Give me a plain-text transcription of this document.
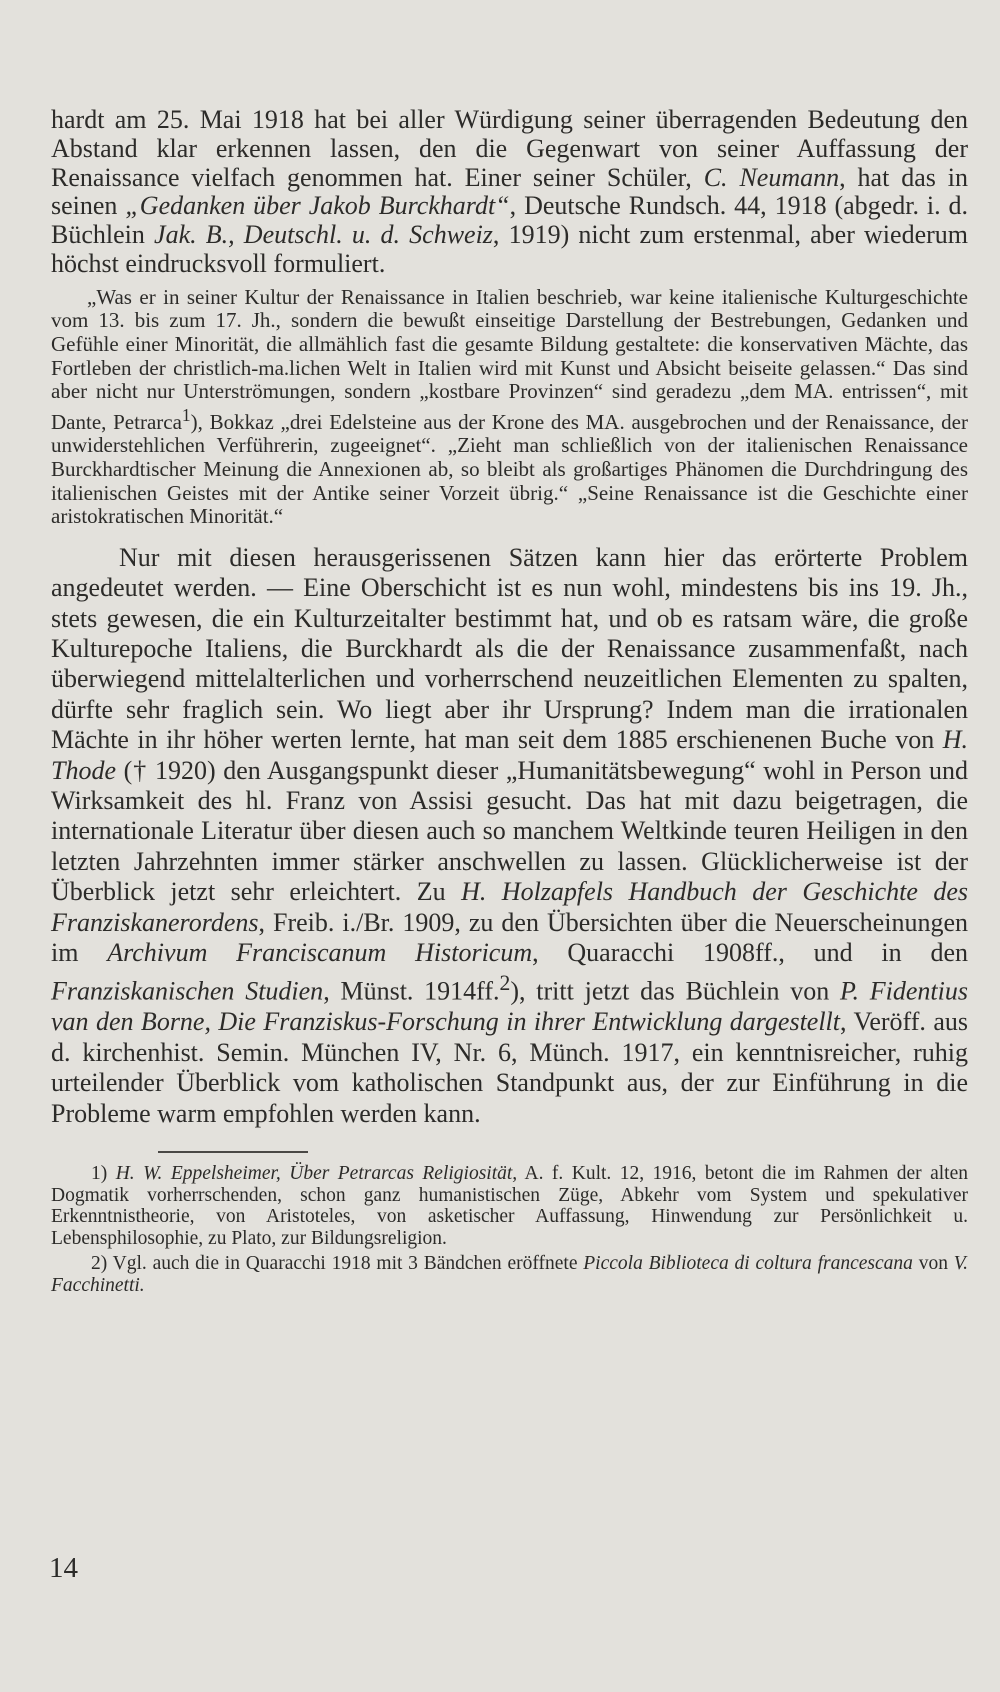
hardt am 25. Mai 1918 hat bei aller Würdigung seiner überragenden Bedeutung den Abstand klar erkennen lassen, den die Gegenwart von seiner Auffassung der Renaissance vielfach genommen hat. Einer seiner Schüler, C. Neumann, hat das in seinen „Gedanken über Jakob Burckhardt“, Deutsche Rundsch. 44, 1918 (abgedr. i. d. Büchlein Jak. B., Deutschl. u. d. Schweiz, 1919) nicht zum erstenmal, aber wiederum höchst eindrucksvoll formuliert.

„Was er in seiner Kultur der Renaissance in Italien beschrieb, war keine italienische Kulturgeschichte vom 13. bis zum 17. Jh., sondern die bewußt einseitige Darstellung der Bestrebungen, Gedanken und Gefühle einer Minorität, die allmählich fast die gesamte Bildung gestaltete: die konservativen Mächte, das Fortleben der christlich-ma.lichen Welt in Italien wird mit Kunst und Absicht beiseite gelassen.“ Das sind aber nicht nur Unterströmungen, sondern „kostbare Provinzen“ sind geradezu „dem MA. entrissen“, mit Dante, Petrarca$^1$), Bokkaz „drei Edelsteine aus der Krone des MA. ausgebrochen und der Renaissance, der unwiderstehlichen Verführerin, zugeeignet“. „Zieht man schließlich von der italienischen Renaissance Burckhardtischer Meinung die Annexionen ab, so bleibt als großartiges Phänomen die Durchdringung des italienischen Geistes mit der Antike seiner Vorzeit übrig.“ „Seine Renaissance ist die Geschichte einer aristokratischen Minorität.“

Nur mit diesen herausgerissenen Sätzen kann hier das erörterte Problem angedeutet werden. — Eine Oberschicht ist es nun wohl, mindestens bis ins 19. Jh., stets gewesen, die ein Kulturzeitalter bestimmt hat, und ob es ratsam wäre, die große Kulturepoche Italiens, die Burckhardt als die der Renaissance zusammenfaßt, nach überwiegend mittelalterlichen und vorherrschend neuzeitlichen Elementen zu spalten, dürfte sehr fraglich sein. Wo liegt aber ihr Ursprung? Indem man die irrationalen Mächte in ihr höher werten lernte, hat man seit dem 1885 erschienenen Buche von H. Thode († 1920) den Ausgangspunkt dieser „Humanitätsbewegung“ wohl in Person und Wirksamkeit des hl. Franz von Assisi gesucht. Das hat mit dazu beigetragen, die internationale Literatur über diesen auch so manchem Weltkinde teuren Heiligen in den letzten Jahrzehnten immer stärker anschwellen zu lassen. Glücklicherweise ist der Überblick jetzt sehr erleichtert. Zu H. Holzapfels Handbuch der Geschichte des Franziskanerordens, Freib. i./Br. 1909, zu den Übersichten über die Neuerscheinungen im Archivum Franciscanum Historicum, Quaracchi 1908ff., und in den Franziskanischen Studien, Münst. 1914ff.$^2$), tritt jetzt das Büchlein von P. Fidentius van den Borne, Die Franziskus-Forschung in ihrer Entwicklung dargestellt, Veröff. aus d. kirchenhist. Semin. München IV, Nr. 6, Münch. 1917, ein kenntnisreicher, ruhig urteilender Überblick vom katholischen Standpunkt aus, der zur Einführung in die Probleme warm empfohlen werden kann.

1) H. W. Eppelsheimer, Über Petrarcas Religiosität, A. f. Kult. 12, 1916, betont die im Rahmen der alten Dogmatik vorherrschenden, schon ganz humanistischen Züge, Abkehr vom System und spekulativer Erkenntnistheorie, von Aristoteles, von asketischer Auffassung, Hinwendung zur Persönlichkeit u. Lebensphilosophie, zu Plato, zur Bildungsreligion.

2) Vgl. auch die in Quaracchi 1918 mit 3 Bändchen eröffnete Piccola Biblioteca di coltura francescana von V. Facchinetti.

14
